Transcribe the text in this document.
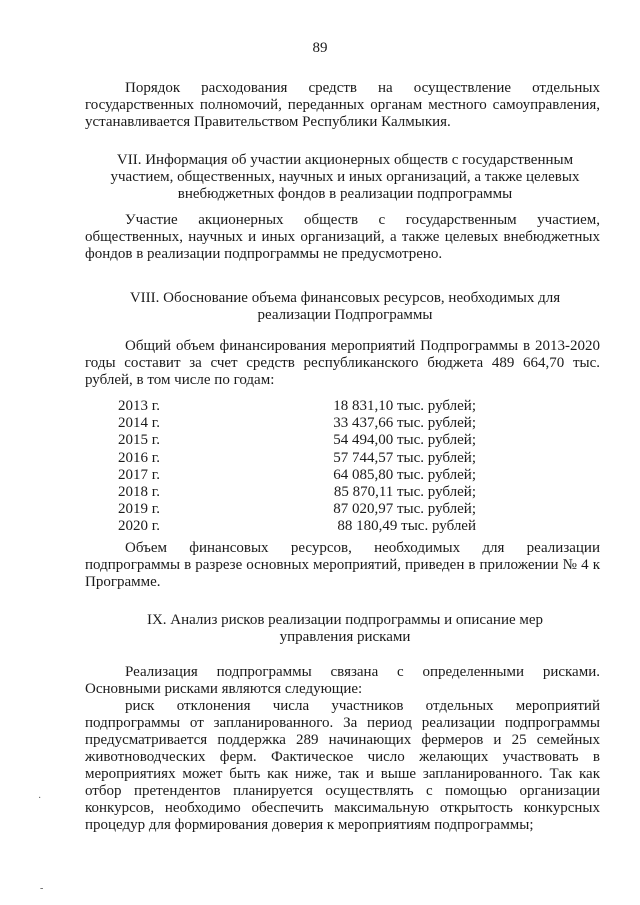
89
Порядок расходования средств на осуществление отдельных государственных полномочий, переданных органам местного самоуправления, устанавливается Правительством Республики Калмыкия.
VII. Информация об участии акционерных обществ с государственным участием, общественных, научных и иных организаций, а также целевых внебюджетных фондов в реализации подпрограммы
Участие акционерных обществ с государственным участием, общественных, научных и иных организаций, а также целевых внебюджетных фондов в реализации подпрограммы не предусмотрено.
VIII. Обоснование объема финансовых ресурсов, необходимых для реализации Подпрограммы
Общий объем финансирования мероприятий Подпрограммы в 2013-2020 годы составит за счет средств республиканского бюджета 489 664,70 тыс. рублей, в том числе по годам:
2013 г.	18 831,10 тыс. рублей;
2014 г.	33 437,66 тыс. рублей;
2015 г.	54 494,00 тыс. рублей;
2016 г.	57 744,57 тыс. рублей;
2017 г.	64 085,80 тыс. рублей;
2018 г.	85 870,11 тыс. рублей;
2019 г.	87 020,97 тыс. рублей;
2020 г.	88 180,49 тыс. рублей
Объем финансовых ресурсов, необходимых для реализации подпрограммы в разрезе основных мероприятий, приведен в приложении № 4 к Программе.
IX. Анализ рисков реализации подпрограммы и описание мер управления рисками
Реализация подпрограммы связана с определенными рисками. Основными рисками являются следующие:
риск отклонения числа участников отдельных мероприятий подпрограммы от запланированного. За период реализации подпрограммы предусматривается поддержка 289 начинающих фермеров и 25 семейных животноводческих ферм. Фактическое число желающих участвовать в мероприятиях может быть как ниже, так и выше запланированного. Так как отбор претендентов планируется осуществлять с помощью организации конкурсов, необходимо обеспечить максимальную открытость конкурсных процедур для формирования доверия к мероприятиям подпрограммы;
·
-
